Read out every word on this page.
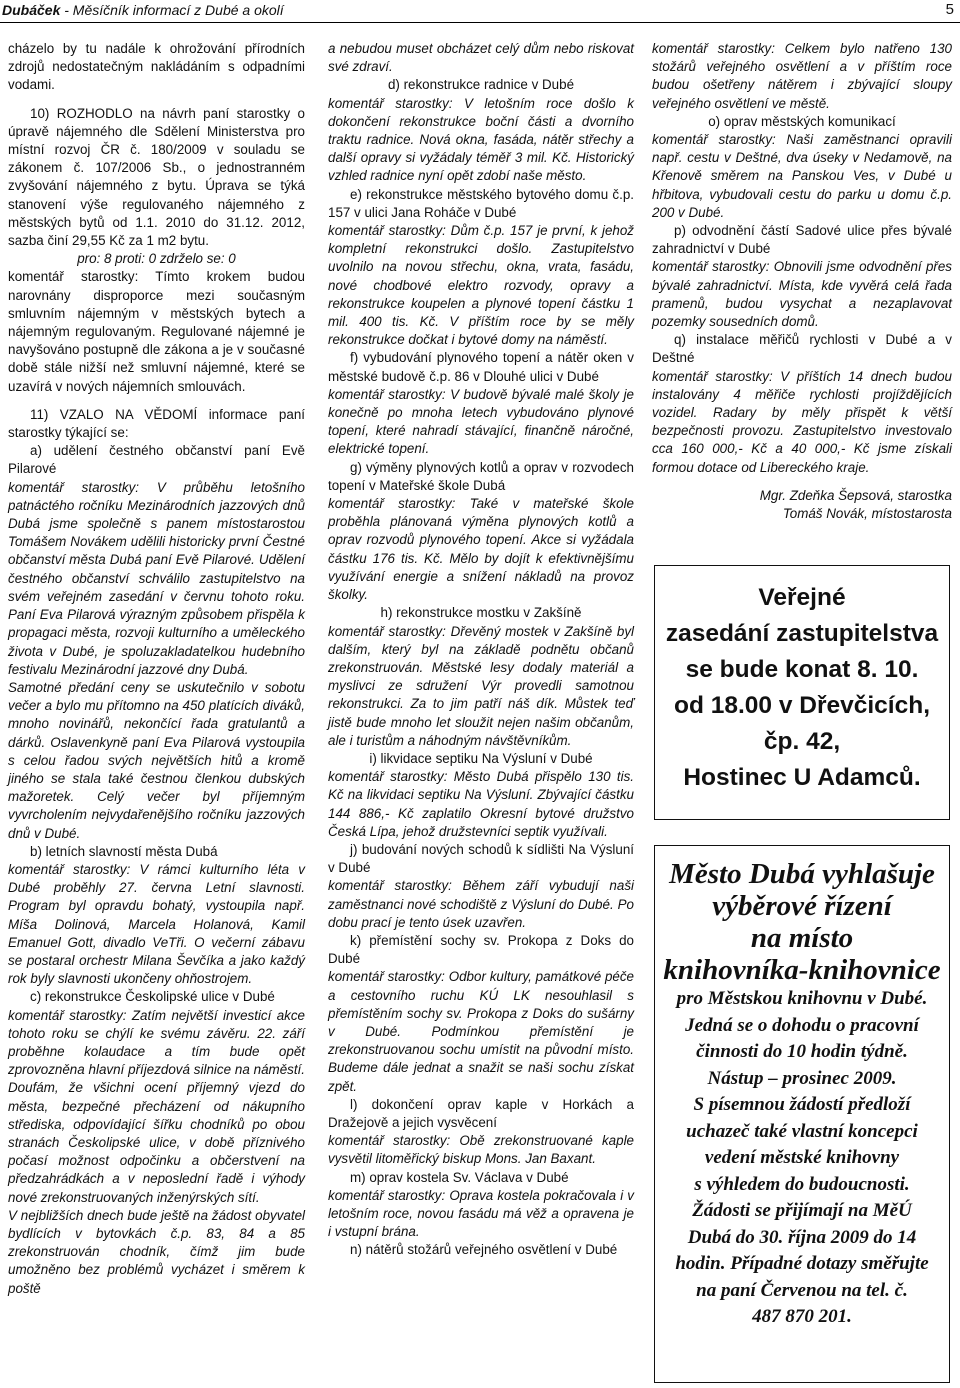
Dubáček - Měsíčník informací z Dubé a okolí	5

cházelo by tu nadále k ohrožování přírodních zdrojů nedostatečným nakládáním s odpadními vodami.

10) ROZHODLO na návrh paní starostky o úpravě nájemného dle Sdělení Ministerstva pro místní rozvoj ČR č. 180/2009 v souladu se zákonem č. 107/2006 Sb., o jednostranném zvyšování nájemného z bytu. Úprava se týká stanovení výše regulovaného nájemného z městských bytů od 1.1. 2010 do 31.12. 2012, sazba činí 29,55 Kč za 1 m2 bytu.

pro: 8 proti: 0 zdrželo se: 0

komentář starostky: Tímto krokem budou narovnány disproporce mezi současným smluvním nájemným v městských bytech a nájemným regulovaným. Regulované nájemné je navyšováno postupně dle zákona a je v současné době stále nižší než smluvní nájemné, které se uzavírá v nových nájemních smlouvách.

11) VZALO NA VĚDOMÍ informace paní starostky týkající se:

a) udělení čestného občanství paní Evě Pilarové

komentář starostky: V průběhu letošního patnáctého ročníku Mezinárodních jazzových dnů Dubá jsme společně s panem místostarostou Tomášem Novákem udělili historicky první Čestné občanství města Dubá paní Evě Pilarové. Udělení čestného občanství schválilo zastupitelstvo na svém veřejném zasedání v červnu tohoto roku. Paní Eva Pilarová výrazným způsobem přispěla k propagaci města, rozvoji kulturního a uměleckého života v Dubé, je spoluzakladatelkou hudebního festivalu Mezinárodní jazzové dny Dubá.

Samotné předání ceny se uskutečnilo v sobotu večer a bylo mu přítomno na 450 platících diváků, mnoho novinářů, nekončící řada gratulantů a dárků. Oslavenkyně paní Eva Pilarová vystoupila s celou řadou svých největších hitů a kromě jiného se stala také čestnou členkou dubských mažoretek. Celý večer byl příjemným vyvrcholením nejvydařenějšího ročníku jazzových dnů v Dubé.

b) letních slavností města Dubá

komentář starostky: V rámci kulturního léta v Dubé proběhly 27. června Letní slavnosti. Program byl opravdu bohatý, vystoupila např. Míša Dolinová, Marcela Holanová, Kamil Emanuel Gott, divadlo VeTři. O večerní zábavu se postaral orchestr Milana Ševčíka a jako každý rok byly slavnosti ukončeny ohňostrojem.

c) rekonstrukce Českolipské ulice v Dubé

komentář starostky: Zatím největší investicí akce tohoto roku se chýlí ke svému závěru. 22. září proběhne kolaudace a tím bude opět zprovozněna hlavní příjezdová silnice na náměstí. Doufám, že všichni ocení příjemný vjezd do města, bezpečné přecházení od nákupního střediska, odpovídající šířku chodníků po obou stranách Českolipské ulice, v době příznivého počasí možnost odpočinku a občerstvení na předzahrádkách a v neposlední řadě i výhody nové zrekonstruovaných inženýrských sítí.

V nejbližších dnech bude ještě na žádost obyvatel bydlících v bytovkách č.p. 83, 84 a 85 zrekonstruován chodník, čímž jim bude umožněno bez problémů vycházet i směrem k poště

a nebudou muset obcházet celý dům nebo riskovat své zdraví.

d) rekonstrukce radnice v Dubé

komentář starostky: V letošním roce došlo k dokončení rekonstrukce boční části a dvorního traktu radnice. Nová okna, fasáda, nátěr střechy a další opravy si vyžádaly téměř 3 mil. Kč. Historický vzhled radnice nyní opět zdobí naše město.

e) rekonstrukce městského bytového domu č.p. 157 v ulici Jana Roháče v Dubé

komentář starostky: Dům č.p. 157 je první, k jehož kompletní rekonstrukci došlo. Zastupitelstvo uvolnilo na novou střechu, okna, vrata, fasádu, nové chodbové elektro rozvody, opravy a rekonstrukce koupelen a plynové topení částku 1 mil. 400 tis. Kč. V příštím roce by se měly rekonstrukce dočkat i bytové domy na náměstí.

f) vybudování plynového topení a nátěr oken v městské budově č.p. 86 v Dlouhé ulici v Dubé

komentář starostky: V budově bývalé malé školy je konečně po mnoha letech vybudováno plynové topení, které nahradí stávající, finančně náročné, elektrické topení.

g) výměny plynových kotlů a oprav v rozvodech topení v Mateřské škole Dubá

komentář starostky: Také v mateřské škole proběhla plánovaná výměna plynových kotlů a oprav rozvodů plynového topení. Akce si vyžádala částku 176 tis. Kč. Mělo by dojít k efektivnějšímu využívání energie a snížení nákladů na provoz školky.

h) rekonstrukce mostku v Zakšíně

komentář starostky: Dřevěný mostek v Zakšíně byl dalším, který byl na základě podnětu občanů zrekonstruován. Městské lesy dodaly materiál a myslivci ze sdružení Výr provedli samotnou rekonstrukci. Za to jim patří náš dík. Můstek teď jistě bude mnoho let sloužit nejen našim občanům, ale i turistům a náhodným návštěvníkům.

i) likvidace septiku Na Výsluní v Dubé

komentář starostky: Město Dubá přispělo 130 tis. Kč na likvidaci septiku Na Výsluní. Zbývající částku 144 886,- Kč zaplatilo Okresní bytové družstvo Česká Lípa, jehož družstevníci septik využívali.

j) budování nových schodů k sídlišti Na Výsluní v Dubé

komentář starostky: Během září vybudují naši zaměstnanci nové schodiště z Výsluní do Dubé. Po dobu prací je tento úsek uzavřen.

k) přemístění sochy sv. Prokopa z Doks do Dubé

komentář starostky: Odbor kultury, památkové péče a cestovního ruchu KÚ LK nesouhlasil s přemístěním sochy sv. Prokopa z Doks do sušárny v Dubé. Podmínkou přemístění je zrekonstruovanou sochu umístit na původní místo. Budeme dále jednat a snažit se naši sochu získat zpět.

l) dokončení oprav kaple v Horkách a Dražejově a jejich vysvěcení

komentář starostky: Obě zrekonstruované kaple vysvětil litoměřický biskup Mons. Jan Baxant.

m) oprav kostela Sv. Václava v Dubé

komentář starostky: Oprava kostela pokračovala i v letošním roce, novou fasádu má věž a opravena je i vstupní brána.

n) nátěrů stožárů veřejného osvětlení v Dubé

komentář starostky: Celkem bylo natřeno 130 stožárů veřejného osvětlení a v příštím roce budou ošetřeny nátěrem i zbývající sloupy veřejného osvětlení ve městě.

o) oprav městských komunikací

komentář starostky: Naši zaměstnanci opravili např. cestu v Deštné, dva úseky v Nedamově, na Křenově směrem na Panskou Ves, v Dubé u hřbitova, vybudovali cestu do parku u domu č.p. 200 v Dubé.

p) odvodnění částí Sadové ulice přes bývalé zahradnictví v Dubé

komentář starostky: Obnovili jsme odvodnění přes bývalé zahradnictví. Místa, kde vyvěrá celá řada pramenů, budou vysychat a nezaplavovat pozemky sousedních domů.

q) instalace měřičů rychlosti v Dubé a v Deštné

komentář starostky: V příštích 14 dnech budou instalovány 4 měřiče rychlosti projíždějících vozidel. Radary by měly přispět k větší bezpečnosti provozu. Zastupitelstvo investovalo cca 160 000,- Kč a 40 000,- Kč jsme získali formou dotace od Libereckého kraje.

Mgr. Zdeňka Šepsová, starostka

Tomáš Novák, místostarosta

Veřejné
zasedání zastupitelstva
se bude konat 8. 10.
od 18.00 v Dřevčicích,
čp. 42,
Hostinec U Adamců.
Město Dubá vyhlašuje
výběrové řízení
na místo
knihovníka-knihovnice
pro Městskou knihovnu v Dubé.
Jedná se o dohodu o pracovní
činnosti do 10 hodin týdně.
Nástup – prosinec 2009.
S písemnou žádostí předloží
uchazeč také vlastní koncepci
vedení městské knihovny
s výhledem do budoucnosti.
Žádosti se přijímají na MěÚ
Dubá do 30. října 2009 do 14
hodin. Případné dotazy směřujte
na paní Červenou na tel. č.
487 870 201.
